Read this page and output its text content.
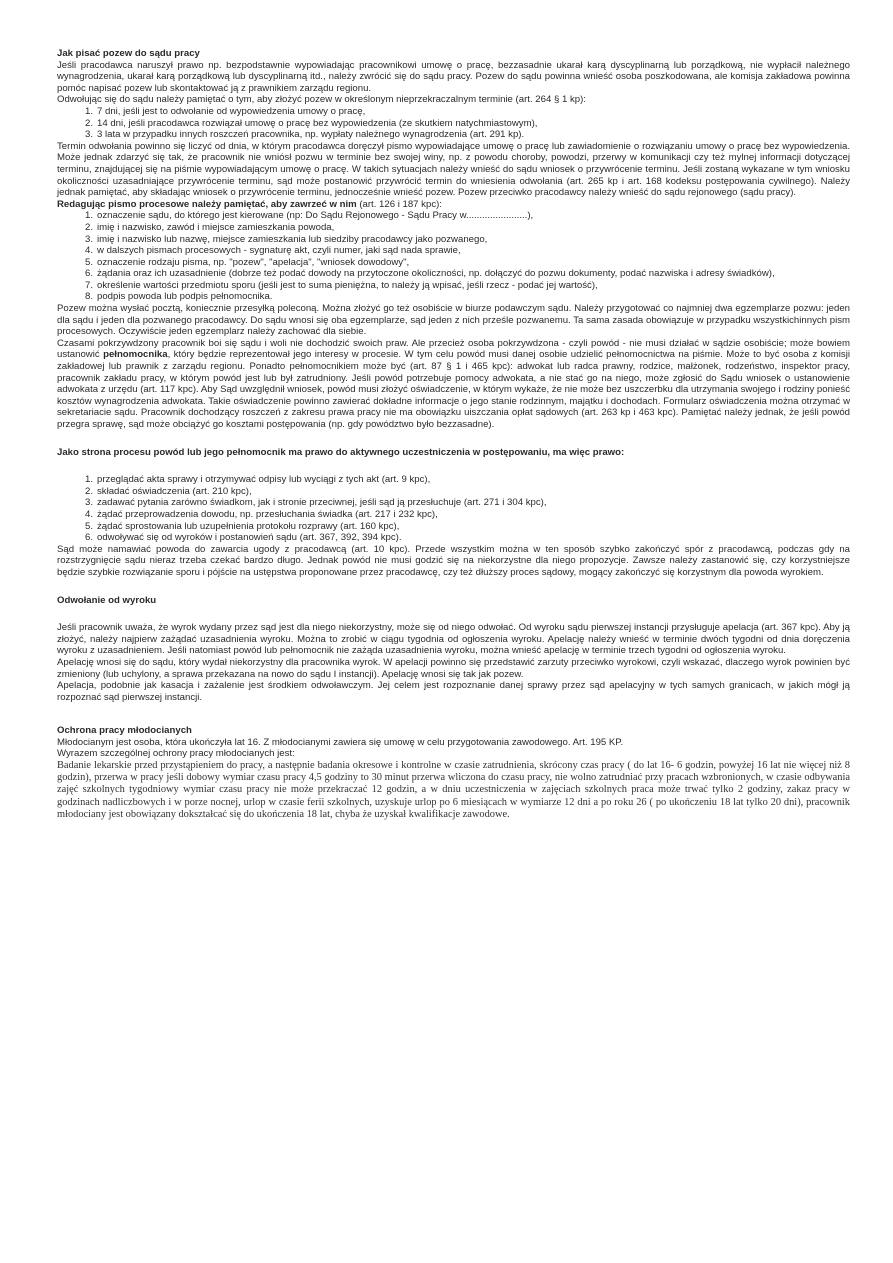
Jak pisać pozew do sądu pracy

Jeśli pracodawca naruszył prawo np. bezpodstawnie wypowiadając pracownikowi umowę o pracę, bezzasadnie ukarał karą dyscyplinarną lub porządkową, nie wypłacił należnego wynagrodzenia, ukarał karą porządkową lub dyscyplinarną itd., należy zwrócić się do sądu pracy. Pozew do sądu powinna wnieść osoba poszkodowana, ale komisja zakładowa powinna pomóc napisać pozew lub skontaktować ją z prawnikiem zarządu regionu.

Odwołując się do sądu należy pamiętać o tym, aby złożyć pozew w określonym nieprzekraczalnym terminie (art. 264 § 1 kp):

1. 7 dni, jeśli jest to odwołanie od wypowiedzenia umowy o pracę,
2. 14 dni, jeśli pracodawca rozwiązał umowę o pracę bez wypowiedzenia (ze skutkiem natychmiastowym),
3. 3 lata w przypadku innych roszczeń pracownika, np. wypłaty należnego wynagrodzenia (art. 291 kp).

Termin odwołania powinno się liczyć od dnia, w którym pracodawca doręczył pismo wypowiadające umowę o pracę lub zawiadomienie o rozwiązaniu umowy o pracę bez wypowiedzenia. Może jednak zdarzyć się tak, że pracownik nie wniósł pozwu w terminie bez swojej winy, np. z powodu choroby, powodzi, przerwy w komunikacji czy też mylnej informacji dotyczącej terminu, znajdującej się na piśmie wypowiadającym umowę o pracę. W takich sytuacjach należy wnieść do sądu wniosek o przywrócenie terminu. Jeśli zostaną wykazane w tym wniosku okoliczności uzasadniające przywrócenie terminu, sąd może postanowić przywrócić termin do wniesienia odwołania (art. 265 kp i art. 168 kodeksu postępowania cywilnego). Należy jednak pamiętać, aby składając wniosek o przywrócenie terminu, jednocześnie wnieść pozew. Pozew przeciwko pracodawcy należy wnieść do sądu rejonowego (sądu pracy).

Redagując pismo procesowe należy pamiętać, aby zawrzeć w nim (art. 126 i 187 kpc):

1. oznaczenie sądu, do którego jest kierowane (np: Do Sądu Rejonowego - Sądu Pracy w.......................),
2. imię i nazwisko, zawód i miejsce zamieszkania powoda,
3. imię i nazwisko lub nazwę, miejsce zamieszkania lub siedziby pracodawcy jako pozwanego,
4. w dalszych pismach procesowych - sygnaturę akt, czyli numer, jaki sąd nada sprawie,
5. oznaczenie rodzaju pisma, np. "pozew", "apelacja", "wniosek dowodowy",
6. żądania oraz ich uzasadnienie (dobrze też podać dowody na przytoczone okoliczności, np. dołączyć do pozwu dokumenty, podać nazwiska i adresy świadków),
7. określenie wartości przedmiotu sporu (jeśli jest to suma pieniężna, to należy ją wpisać, jeśli rzecz - podać jej wartość),
8. podpis powoda lub podpis pełnomocnika.

Pozew można wysłać pocztą, koniecznie przesyłką poleconą. Można złożyć go też osobiście w biurze podawczym sądu. Należy przygotować co najmniej dwa egzemplarze pozwu: jeden dla sądu i jeden dla pozwanego pracodawcy. Do sądu wnosi się oba egzemplarze, sąd jeden z nich prześle pozwanemu. Ta sama zasada obowiązuje w przypadku wszystkichinnych pism procesowych. Oczywiście jeden egzemplarz należy zachować dla siebie.

Czasami pokrzywdzony pracownik boi się sądu i woli nie dochodzić swoich praw. Ale przecież osoba pokrzywdzona - czyli powód - nie musi działać w sądzie osobiście; może bowiem ustanowić pełnomocnika, który będzie reprezentował jego interesy w procesie. W tym celu powód musi danej osobie udzielić pełnomocnictwa na piśmie. Może to być osoba z komisji zakładowej lub prawnik z zarządu regionu. Ponadto pełnomocnikiem może być (art. 87 § 1 i 465 kpc): adwokat lub radca prawny, rodzice, małżonek, rodzeństwo, inspektor pracy, pracownik zakładu pracy, w którym powód jest lub był zatrudniony. Jeśli powód potrzebuje pomocy adwokata, a nie stać go na niego, może zgłosić do Sądu wniosek o ustanowienie adwokata z urzędu (art. 117 kpc). Aby Sąd uwzględnił wniosek, powód musi złożyć oświadczenie, w którym wykaże, że nie może bez uszczerbku dla utrzymania swojego i rodziny ponieść kosztów wynagrodzenia adwokata. Takie oświadczenie powinno zawierać dokładne informacje o jego stanie rodzinnym, majątku i dochodach. Formularz oświadczenia można otrzymać w sekretariacie sądu. Pracownik dochodzący roszczeń z zakresu prawa pracy nie ma obowiązku uiszczania opłat sądowych (art. 263 kp i 463 kpc). Pamiętać należy jednak, że jeśli powód przegra sprawę, sąd może obciążyć go kosztami postępowania (np. gdy powództwo było bezzasadne).

Jako strona procesu powód lub jego pełnomocnik ma prawo do aktywnego uczestniczenia w postępowaniu, ma więc prawo:

1. przeglądać akta sprawy i otrzymywać odpisy lub wyciągi z tych akt (art. 9 kpc),
2. składać oświadczenia (art. 210 kpc),
3. zadawać pytania zarówno świadkom, jak i stronie przeciwnej, jeśli sąd ją przesłuchuje (art. 271 i 304 kpc),
4. żądać przeprowadzenia dowodu, np. przesłuchania świadka (art. 217 i 232 kpc),
5. żądać sprostowania lub uzupełnienia protokołu rozprawy (art. 160 kpc),
6. odwoływać się od wyroków i postanowień sądu (art. 367, 392, 394 kpc).

Sąd może namawiać powoda do zawarcia ugody z pracodawcą (art. 10 kpc). Przede wszystkim można w ten sposób szybko zakończyć spór z pracodawcą, podczas gdy na rozstrzygnięcie sądu nieraz trzeba czekać bardzo długo. Jednak powód nie musi godzić się na niekorzystne dla niego propozycje. Zawsze należy zastanowić się, czy korzystniejsze będzie szybkie rozwiązanie sporu i pójście na ustępstwa proponowane przez pracodawcę, czy też dłuższy proces sądowy, mogący zakończyć się korzystnym dla powoda wyrokiem.

Odwołanie od wyroku

Jeśli pracownik uważa, że wyrok wydany przez sąd jest dla niego niekorzystny, może się od niego odwołać. Od wyroku sądu pierwszej instancji przysługuje apelacja (art. 367 kpc). Aby ją złożyć, należy najpierw zażądać uzasadnienia wyroku. Można to zrobić w ciągu tygodnia od ogłoszenia wyroku. Apelację należy wnieść w terminie dwóch tygodni od dnia doręczenia wyroku z uzasadnieniem. Jeśli natomiast powód lub pełnomocnik nie zażąda uzasadnienia wyroku, można wnieść apelację w terminie trzech tygodni od ogłoszenia wyroku.

Apelację wnosi się do sądu, który wydał niekorzystny dla pracownika wyrok. W apelacji powinno się przedstawić zarzuty przeciwko wyrokowi, czyli wskazać, dlaczego wyrok powinien być zmieniony (lub uchylony, a sprawa przekazana na nowo do sądu I instancji). Apelację wnosi się tak jak pozew.

Apelacja, podobnie jak kasacja i zażalenie jest środkiem odwoławczym. Jej celem jest rozpoznanie danej sprawy przez sąd apelacyjny w tych samych granicach, w jakich mógł ją rozpoznać sąd pierwszej instancji.

Ochrona pracy młodocianych

Młodocianym jest osoba, która ukończyła lat 16. Z młodocianymi zawiera się umowę w celu przygotowania zawodowego. Art. 195 KP.

Wyrazem szczególnej ochrony pracy młodocianych jest:

Badanie lekarskie przed przystąpieniem do pracy, a następnie badania okresowe i kontrolne w czasie zatrudnienia, skrócony czas pracy ( do lat 16- 6 godzin, powyżej 16 lat nie więcej niż 8 godzin), przerwa w pracy jeśli dobowy wymiar czasu pracy 4,5 godziny to 30 minut przerwa wliczona do czasu pracy, nie wolno zatrudniać przy pracach wzbronionych, w czasie odbywania zajęć szkolnych tygodniowy wymiar czasu pracy nie może przekraczać 12 godzin, a w dniu uczestniczenia w zajęciach szkolnych praca może trwać tylko 2 godziny, zakaz pracy w godzinach nadliczbowych i w porze nocnej, urlop w czasie ferii szkolnych, uzyskuje urlop po 6 miesiącach w wymiarze 12 dni a po roku 26 ( po ukończeniu 18 lat tylko 20 dni), pracownik młodociany jest obowiązany dokształcać się do ukończenia 18 lat, chyba że uzyskał kwalifikacje zawodowe.
